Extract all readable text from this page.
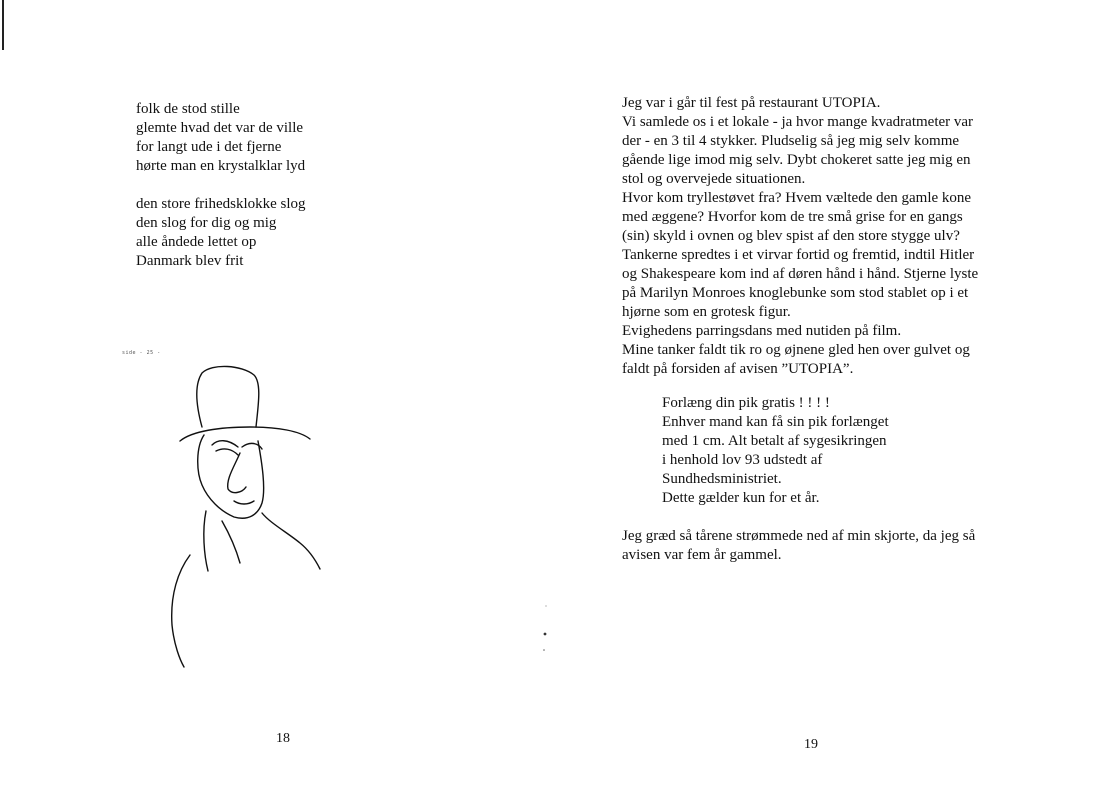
folk de stod stille
glemte hvad det var de ville
for langt ude i det fjerne
hørte man en krystalklar lyd
den store frihedsklokke slog
den slog for dig og mig
alle åndede lettet op
Danmark blev frit
side - 25 -
18
Jeg var i går til fest på restaurant UTOPIA.
Vi samlede os i et lokale - ja hvor mange kvadratmeter var
der - en 3 til 4 stykker. Pludselig så jeg mig selv komme
gående lige imod mig selv. Dybt chokeret satte jeg mig en
stol og overvejede situationen.
Hvor kom tryllestøvet fra? Hvem væltede den gamle kone
med æggene? Hvorfor kom de tre små grise for en gangs
(sin) skyld i ovnen og blev spist af den store stygge ulv?
Tankerne spredtes i et virvar fortid og fremtid, indtil Hitler
og Shakespeare kom ind af døren hånd i hånd. Stjerne lyste
på Marilyn Monroes knoglebunke som stod stablet op i et
hjørne som en grotesk figur.
Evighedens parringsdans med nutiden på film.
Mine tanker faldt tik ro og øjnene gled hen over gulvet og
faldt på forsiden af avisen ”UTOPIA”.
Forlæng din pik gratis ! ! ! !
Enhver mand kan få sin pik forlænget
med 1 cm. Alt betalt af sygesikringen
i henhold lov 93 udstedt af
Sundhedsministriet.
Dette gælder kun for et år.
Jeg græd så tårene strømmede ned af min skjorte, da jeg så
avisen var fem år gammel.
19
